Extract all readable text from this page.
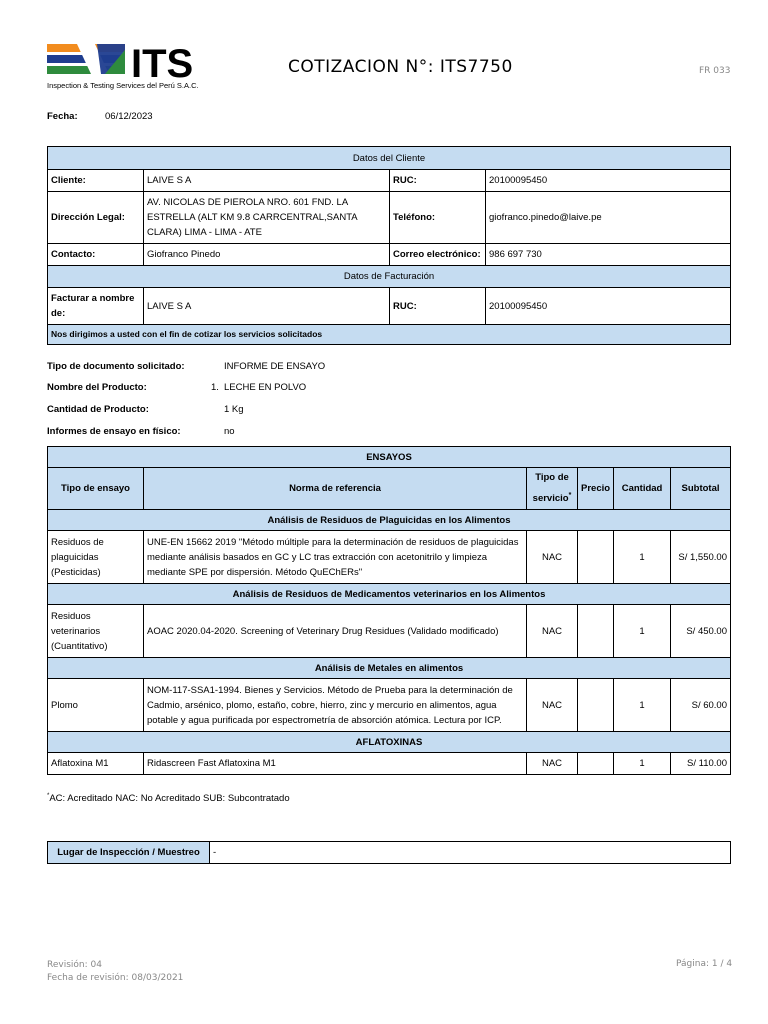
ITS
Inspection & Testing Services del Perú S.A.C.
COTIZACION N°: ITS7750	FR 033
Fecha:	06/12/2023
Datos del Cliente			
Cliente:	LAIVE S A	RUC:	20100095450
Dirección Legal:	AV. NICOLAS DE PIEROLA NRO. 601 FND. LA ESTRELLA (ALT KM 9.8 CARRCENTRAL,SANTA CLARA) LIMA - LIMA - ATE	Teléfono:	giofranco.pinedo@laive.pe
Contacto:	Giofranco Pinedo	Correo electrónico:	986 697 730
Datos de Facturación			
Facturar a nombre de:	LAIVE S A	RUC:	20100095450
Nos dirigimos a usted con el fin de cotizar los servicios solicitados			
Tipo de documento solicitado:	INFORME DE ENSAYO
Nombre del Producto:	1. LECHE EN POLVO
Cantidad de Producto:	1 Kg
Informes de ensayo en físico:	no
ENSAYOS					
Tipo de ensayo	Norma de referencia	Tipo de servicio*	Precio	Cantidad	Subtotal
Análisis de Residuos de Plaguicidas en los Alimentos					
Residuos de plaguicidas (Pesticidas)	UNE-EN 15662 2019 "Método múltiple para la determinación de residuos de plaguicidas mediante análisis basados en GC y LC tras extracción con acetonitrilo y limpieza mediante SPE por dispersión. Método QuEChERs"	NAC		1	S/ 1,550.00
Análisis de Residuos de Medicamentos veterinarios en los Alimentos					
Residuos veterinarios (Cuantitativo)	AOAC 2020.04-2020. Screening of Veterinary Drug Residues (Validado modificado)	NAC		1	S/ 450.00
Análisis de Metales en alimentos					
Plomo	NOM-117-SSA1-1994. Bienes y Servicios. Método de Prueba para la determinación de Cadmio, arsénico, plomo, estaño, cobre, hierro, zinc y mercurio en alimentos, agua potable y agua purificada por espectrometría de absorción atómica. Lectura por ICP.	NAC		1	S/ 60.00
AFLATOXINAS					
Aflatoxina M1	Ridascreen Fast Aflatoxina M1	NAC		1	S/ 110.00
*AC: Acreditado NAC: No Acreditado SUB: Subcontratado
Lugar de Inspección / Muestreo	-
Revisión: 04
Fecha de revisión: 08/03/2021
Página: 1 / 4
